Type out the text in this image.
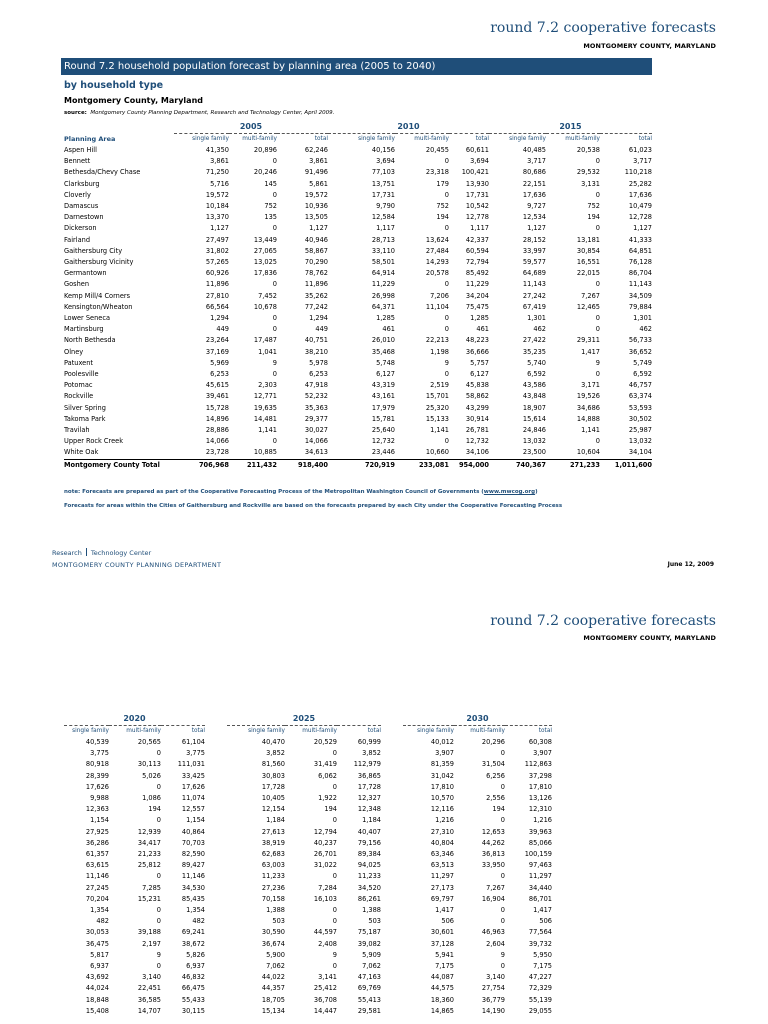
round 7.2 cooperative forecasts
MONTGOMERY COUNTY, MARYLAND
Round 7.2 household population forecast by planning area (2005 to 2040)
by household type
Montgomery County, Maryland
source: Montgomery County Planning Department, Research and Technology Center, April 2009.
	2005			2010			2015		
Planning Area	single family	multi-family	total	single family	multi-family	total	single family	multi-family	total
Aspen Hill	41,350	20,896	62,246	40,156	20,455	60,611	40,485	20,538	61,023
Bennett	3,861	0	3,861	3,694	0	3,694	3,717	0	3,717
Bethesda/Chevy Chase	71,250	20,246	91,496	77,103	23,318	100,421	80,686	29,532	110,218
Clarksburg	5,716	145	5,861	13,751	179	13,930	22,151	3,131	25,282
Cloverly	19,572	0	19,572	17,731	0	17,731	17,636	0	17,636
Damascus	10,184	752	10,936	9,790	752	10,542	9,727	752	10,479
Darnestown	13,370	135	13,505	12,584	194	12,778	12,534	194	12,728
Dickerson	1,127	0	1,127	1,117	0	1,117	1,127	0	1,127
Fairland	27,497	13,449	40,946	28,713	13,624	42,337	28,152	13,181	41,333
Gaithersburg City	31,802	27,065	58,867	33,110	27,484	60,594	33,997	30,854	64,851
Gaithersburg Vicinity	57,265	13,025	70,290	58,501	14,293	72,794	59,577	16,551	76,128
Germantown	60,926	17,836	78,762	64,914	20,578	85,492	64,689	22,015	86,704
Goshen	11,896	0	11,896	11,229	0	11,229	11,143	0	11,143
Kemp Mill/4 Corners	27,810	7,452	35,262	26,998	7,206	34,204	27,242	7,267	34,509
Kensington/Wheaton	66,564	10,678	77,242	64,371	11,104	75,475	67,419	12,465	79,884
Lower Seneca	1,294	0	1,294	1,285	0	1,285	1,301	0	1,301
Martinsburg	449	0	449	461	0	461	462	0	462
North Bethesda	23,264	17,487	40,751	26,010	22,213	48,223	27,422	29,311	56,733
Olney	37,169	1,041	38,210	35,468	1,198	36,666	35,235	1,417	36,652
Patuxent	5,969	9	5,978	5,748	9	5,757	5,740	9	5,749
Poolesville	6,253	0	6,253	6,127	0	6,127	6,592	0	6,592
Potomac	45,615	2,303	47,918	43,319	2,519	45,838	43,586	3,171	46,757
Rockville	39,461	12,771	52,232	43,161	15,701	58,862	43,848	19,526	63,374
Silver Spring	15,728	19,635	35,363	17,979	25,320	43,299	18,907	34,686	53,593
Takoma Park	14,896	14,481	29,377	15,781	15,133	30,914	15,614	14,888	30,502
Travilah	28,886	1,141	30,027	25,640	1,141	26,781	24,846	1,141	25,987
Upper Rock Creek	14,066	0	14,066	12,732	0	12,732	13,032	0	13,032
White Oak	23,728	10,885	34,613	23,446	10,660	34,106	23,500	10,604	34,104
Montgomery County Total	706,968	211,432	918,400	720,919	233,081	954,000	740,367	271,233	1,011,600
note: Forecasts are prepared as part of the Cooperative Forecasting Process of the Metropolitan Washington Council of Governments (www.mwcog.org)
Forecasts for areas within the Cities of Gaithersburg and Rockville are based on the forecasts prepared by each City under the Cooperative Forecasting Process
Research Technology Center
MONTGOMERY COUNTY PLANNING DEPARTMENT	June 12, 2009
round 7.2 cooperative forecasts
MONTGOMERY COUNTY, MARYLAND
2020				2025				2030		
single family	multi-family	total		single family	multi-family	total		single family	multi-family	total
40,539	20,565	61,104		40,470	20,529	60,999		40,012	20,296	60,308
3,775	0	3,775		3,852	0	3,852		3,907	0	3,907
80,918	30,113	111,031		81,560	31,419	112,979		81,359	31,504	112,863
28,399	5,026	33,425		30,803	6,062	36,865		31,042	6,256	37,298
17,626	0	17,626		17,728	0	17,728		17,810	0	17,810
9,988	1,086	11,074		10,405	1,922	12,327		10,570	2,556	13,126
12,363	194	12,557		12,154	194	12,348		12,116	194	12,310
1,154	0	1,154		1,184	0	1,184		1,216	0	1,216
27,925	12,939	40,864		27,613	12,794	40,407		27,310	12,653	39,963
36,286	34,417	70,703		38,919	40,237	79,156		40,804	44,262	85,066
61,357	21,233	82,590		62,683	26,701	89,384		63,346	36,813	100,159
63,615	25,812	89,427		63,003	31,022	94,025		63,513	33,950	97,463
11,146	0	11,146		11,233	0	11,233		11,297	0	11,297
27,245	7,285	34,530		27,236	7,284	34,520		27,173	7,267	34,440
70,204	15,231	85,435		70,158	16,103	86,261		69,797	16,904	86,701
1,354	0	1,354		1,388	0	1,388		1,417	0	1,417
482	0	482		503	0	503		506	0	506
30,053	39,188	69,241		30,590	44,597	75,187		30,601	46,963	77,564
36,475	2,197	38,672		36,674	2,408	39,082		37,128	2,604	39,732
5,817	9	5,826		5,900	9	5,909		5,941	9	5,950
6,937	0	6,937		7,062	0	7,062		7,175	0	7,175
43,692	3,140	46,832		44,022	3,141	47,163		44,087	3,140	47,227
44,024	22,451	66,475		44,357	25,412	69,769		44,575	27,754	72,329
18,848	36,585	55,433		18,705	36,708	55,413		18,360	36,779	55,139
15,408	14,707	30,115		15,134	14,447	29,581		14,865	14,190	29,055
